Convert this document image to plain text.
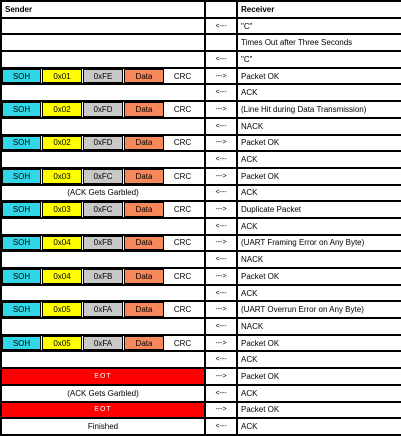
Sender		Receiver
	<---	"C"
		Times Out after Three Seconds
	<---	"C"

SOH 0x01 0xFE Data CRC	--->	Packet OK
	<---	ACK

SOH 0x02 0xFD Data CRC	--->	(Line Hit during Data Transmission)
	<---	NACK

SOH 0x02 0xFD Data CRC	--->	Packet OK
	<---	ACK

SOH 0x03 0xFC Data CRC	--->	Packet OK

(ACK Gets Garbled)	<---	ACK

SOH 0x03 0xFC Data CRC	--->	Duplicate Packet
	<---	ACK

SOH 0x04 0xFB Data CRC	--->	(UART Framing Error on Any Byte)
	<---	NACK

SOH 0x04 0xFB Data CRC	--->	Packet OK
	<---	ACK

SOH 0x05 0xFA Data CRC	--->	(UART Overrun Error on Any Byte)
	<---	NACK

SOH 0x05 0xFA Data CRC	--->	Packet OK
	<---	ACK

EOT	--->	Packet OK

(ACK Gets Garbled)	<---	ACK

EOT	--->	Packet OK

Finished	<---	ACK
